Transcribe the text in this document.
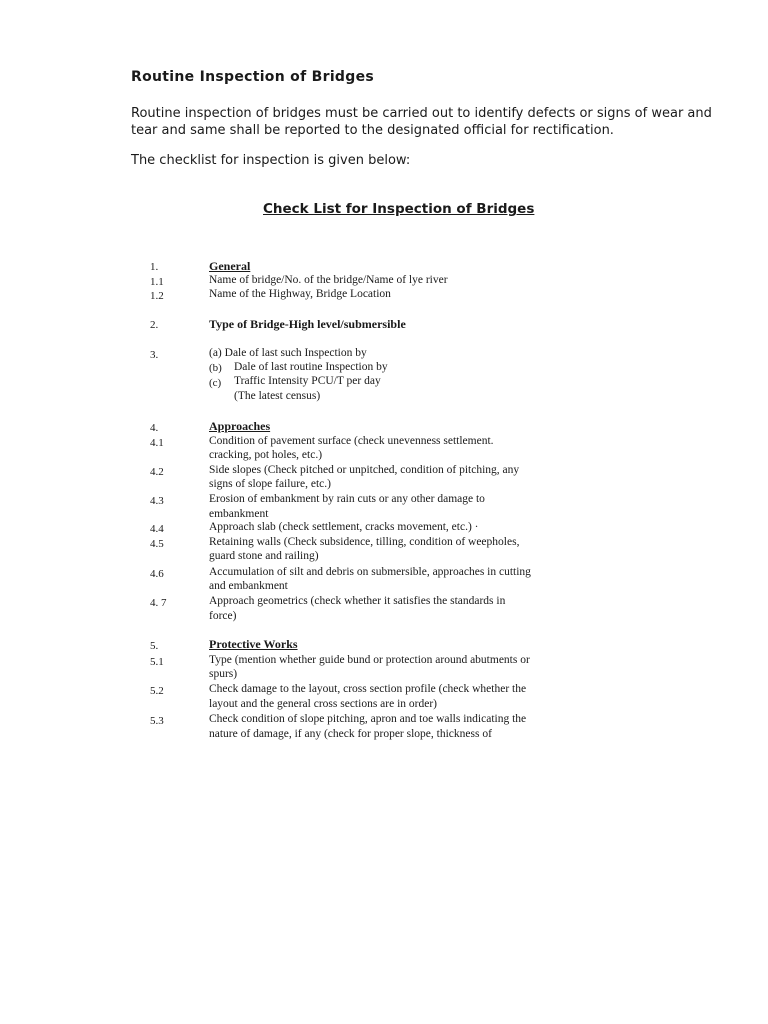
Routine Inspection of Bridges
Routine inspection of bridges must be carried out to identify defects or signs of wear and tear and same shall be reported to the designated official for rectification.
The checklist for inspection is given below:
Check List for Inspection of Bridges
1.	General
1.1	Name of bridge/No. of the bridge/Name of lye river
1.2	Name of the Highway, Bridge Location
2.	Type of Bridge-High level/submersible
3.	(a) Dale of last such Inspection by
(b) Dale of last routine Inspection by
(c) Traffic Intensity PCU/T per day
(The latest census)
4.	Approaches
4.1	Condition of pavement surface (check unevenness settlement.
cracking, pot holes, etc.)
4.2	Side slopes (Check pitched or unpitched, condition of pitching, any
signs of slope failure, etc.)
4.3	Erosion of embankment by rain cuts or any other damage to
embankment
4.4	Approach slab (check settlement, cracks movement, etc.) ·
4.5	Retaining walls (Check subsidence, tilling, condition of weepholes,
guard stone and railing)
4.6	Accumulation of silt and debris on submersible, approaches in cutting
and embankment
4. 7	Approach geometrics (check whether it satisfies the standards in
force)
5.	Protective Works
5.1	Type (mention whether guide bund or protection around abutments or
spurs)
5.2	Check damage to the layout, cross section profile (check whether the
layout and the general cross sections are in order)
5.3	Check condition of slope pitching, apron and toe walls indicating the
nature of damage, if any (check for proper slope, thickness of
